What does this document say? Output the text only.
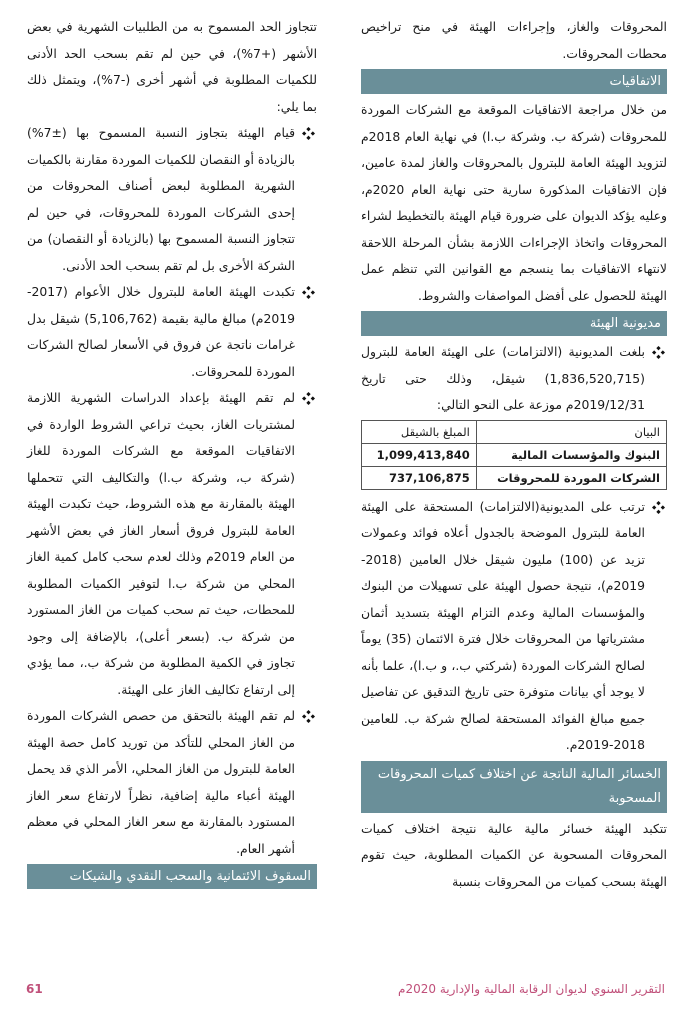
المحروقات والغاز، وإجراءات الهيئة في منح تراخيص محطات المحروقات.

الاتفاقيات

من خلال مراجعة الاتفاقيات الموقعة مع الشركات الموردة للمحروقات (شركة ب. وشركة ب.ا) في نهاية العام 2018م لتزويد الهيئة العامة للبترول بالمحروقات والغاز لمدة عامين، فإن الاتفاقيات المذكورة سارية حتى نهاية العام 2020م، وعليه يؤكد الديوان على ضرورة قيام الهيئة بالتخطيط لشراء المحروقات واتخاذ الإجراءات اللازمة بشأن المرحلة اللاحقة لانتهاء الاتفاقيات بما ينسجم مع القوانين التي تنظم عمل الهيئة للحصول على أفضل المواصفات والشروط.

مديونية الهيئة
بلغت المديونية (الالتزامات) على الهيئة العامة للبترول (1,836,520,715) شيقل، وذلك حتى تاريخ 2019/12/31م موزعة على النحو التالي:
البيان	المبلغ بالشيقل
البنوك والمؤسسات المالية	1,099,413,840
الشركات الموردة للمحروقات	737,106,875
ترتب على المديونية(الالتزامات) المستحقة على الهيئة العامة للبترول الموضحة بالجدول أعلاه فوائد وعمولات تزيد عن (100) مليون شيقل خلال العامين (2018-2019م)، نتيجة حصول الهيئة على تسهيلات من البنوك والمؤسسات المالية وعدم التزام الهيئة بتسديد أثمان مشترياتها من المحروقات خلال فترة الائتمان (35) يوماً لصالح الشركات الموردة (شركتي ب.، و ب.ا)، علما بأنه لا يوجد أي بيانات متوفرة حتى تاريخ التدقيق عن تفاصيل جميع مبالغ الفوائد المستحقة لصالح شركة ب. للعامين 2018-2019م.
الخسائر المالية الناتجة عن اختلاف كميات المحروقات المسحوبة

تتكبد الهيئة خسائر مالية عالية نتيجة اختلاف كميات المحروقات المسحوبة عن الكميات المطلوبة، حيث تقوم الهيئة بسحب كميات من المحروقات بنسبة

تتجاوز الحد المسموح به من الطلبيات الشهرية في بعض الأشهر (+7%)، في حين لم تقم بسحب الحد الأدنى للكميات المطلوبة في أشهر أخرى (-7%)، ويتمثل ذلك بما يلي:

قيام الهيئة بتجاوز النسبة المسموح بها (±7%) بالزيادة أو النقصان للكميات الموردة مقارنة بالكميات الشهرية المطلوبة لبعض أصناف المحروقات من إحدى الشركات الموردة للمحروقات، في حين لم تتجاوز النسبة المسموح بها (بالزيادة أو النقصان) من الشركة الأخرى بل لم تقم بسحب الحد الأدنى.
تكبدت الهيئة العامة للبترول خلال الأعوام (2017-2019م) مبالغ مالية بقيمة (5,106,762) شيقل بدل غرامات ناتجة عن فروق في الأسعار لصالح الشركات الموردة للمحروقات.
لم تقم الهيئة بإعداد الدراسات الشهرية اللازمة لمشتريات الغاز، بحيث تراعي الشروط الواردة في الاتفاقيات الموقعة مع الشركات الموردة للغاز (شركة ب، وشركة ب.ا) والتكاليف التي تتحملها الهيئة بالمقارنة مع هذه الشروط، حيث تكبدت الهيئة العامة للبترول فروق أسعار الغاز في بعض الأشهر من العام 2019م وذلك لعدم سحب كامل كمية الغاز المحلي من شركة ب.ا لتوفير الكميات المطلوبة للمحطات، حيث تم سحب كميات من الغاز المستورد من شركة ب. (بسعر أعلى)، بالإضافة إلى وجود تجاوز في الكمية المطلوبة من شركة ب.، مما يؤدي إلى ارتفاع تكاليف الغاز على الهيئة.
لم تقم الهيئة بالتحقق من حصص الشركات الموردة من الغاز المحلي للتأكد من توريد كامل حصة الهيئة العامة للبترول من الغاز المحلي، الأمر الذي قد يحمل الهيئة أعباء مالية إضافية، نظراً لارتفاع سعر الغاز المستورد بالمقارنة مع سعر الغاز المحلي في معظم أشهر العام.
السقوف الائتمانية والسحب النقدي والشيكات
التقرير السنوي لديوان الرقابة المالية والإدارية 2020م
61
